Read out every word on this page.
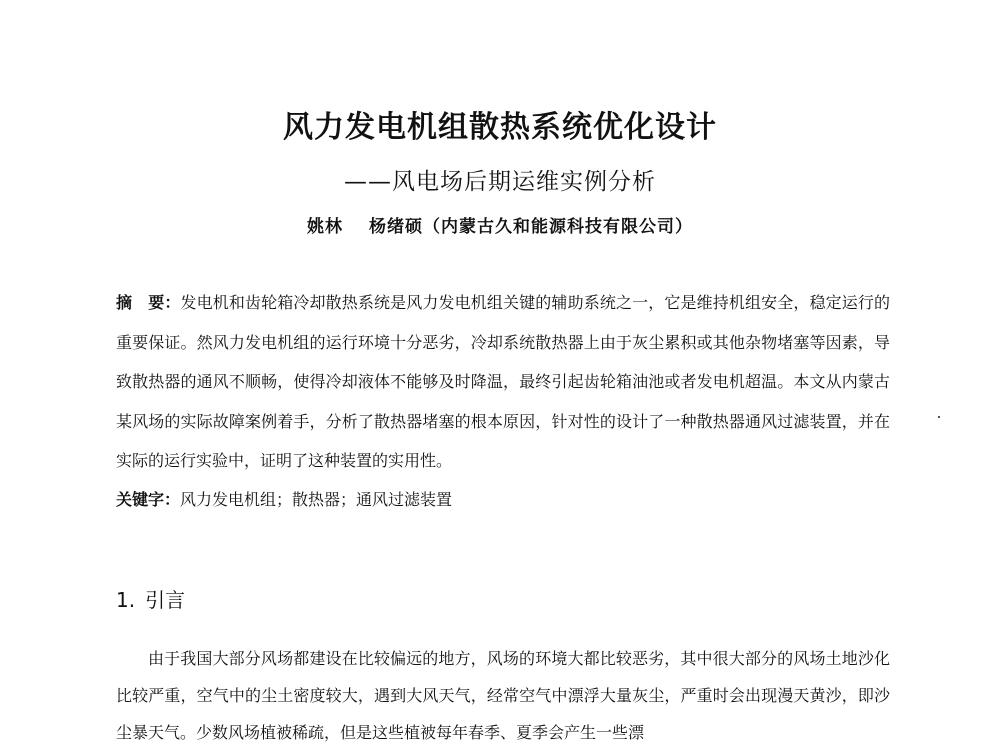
风力发电机组散热系统优化设计
——风电场后期运维实例分析
姚林 杨绪硕（内蒙古久和能源科技有限公司）
摘　要：发电机和齿轮箱冷却散热系统是风力发电机组关键的辅助系统之一，它是维持机组安全，稳定运行的重要保证。然风力发电机组的运行环境十分恶劣，冷却系统散热器上由于灰尘累积或其他杂物堵塞等因素，导致散热器的通风不顺畅，使得冷却液体不能够及时降温，最终引起齿轮箱油池或者发电机超温。本文从内蒙古某风场的实际故障案例着手，分析了散热器堵塞的根本原因，针对性的设计了一种散热器通风过滤装置，并在实际的运行实验中，证明了这种装置的实用性。
关键字：风力发电机组；散热器；通风过滤装置
1. 引言
由于我国大部分风场都建设在比较偏远的地方，风场的环境大都比较恶劣，其中很大部分的风场土地沙化比较严重，空气中的尘土密度较大，遇到大风天气，经常空气中漂浮大量灰尘，严重时会出现漫天黄沙，即沙尘暴天气。少数风场植被稀疏，但是这些植被每年春季、夏季会产生一些漂
